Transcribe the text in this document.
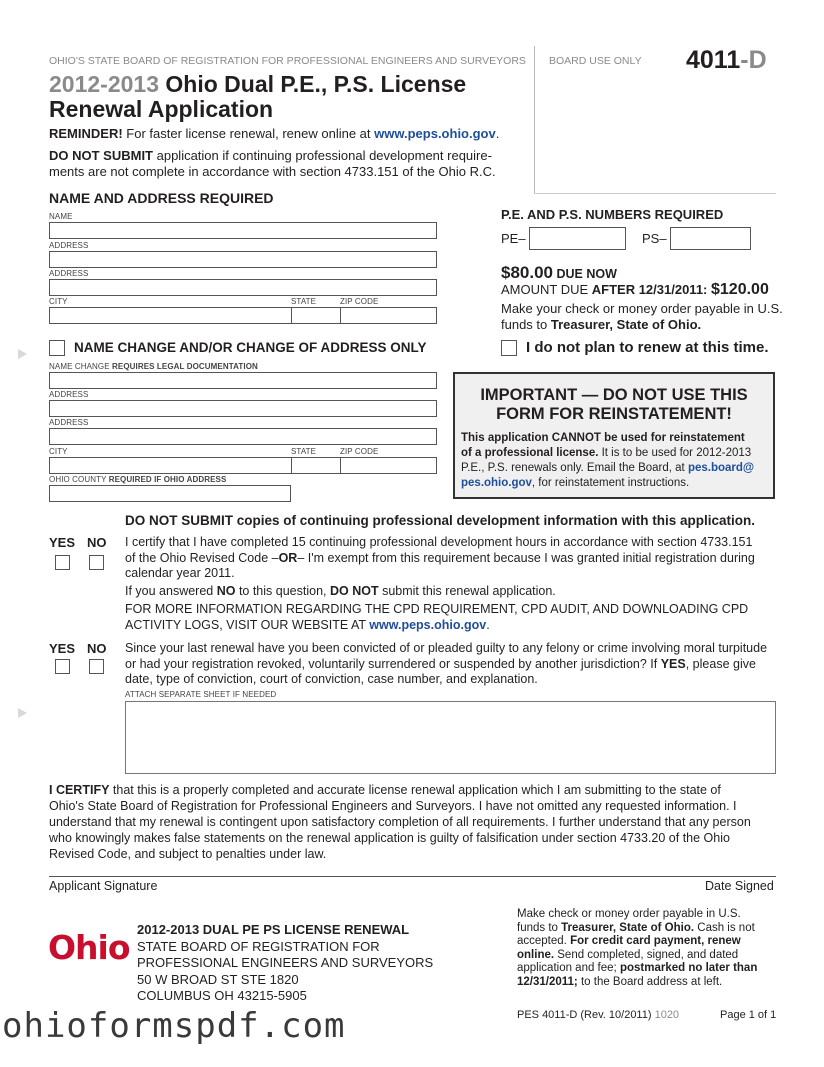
OHIO'S STATE BOARD OF REGISTRATION FOR PROFESSIONAL ENGINEERS AND SURVEYORS BOARD USE ONLY 4011-D
2012-2013 Ohio Dual P.E., P.S. License
Renewal Application
REMINDER! For faster license renewal, renew online at www.peps.ohio.gov.
DO NOT SUBMIT application if continuing professional development require-
ments are not complete in accordance with section 4733.151 of the Ohio R.C.
NAME AND ADDRESS REQUIRED
NAME
ADDRESS
ADDRESS
CITY	STATE	ZIP CODE
P.E. AND P.S. NUMBERS REQUIRED
PE–	PS–
$80.00 DUE NOW
AMOUNT DUE AFTER 12/31/2011: $120.00
Make your check or money order payable in U.S.
funds to Treasurer, State of Ohio.
NAME CHANGE AND/OR CHANGE OF ADDRESS ONLY
NAME CHANGE REQUIRES LEGAL DOCUMENTATION
ADDRESS
ADDRESS
CITY	STATE	ZIP CODE
OHIO COUNTY REQUIRED IF OHIO ADDRESS
I do not plan to renew at this time.
IMPORTANT — DO NOT USE THIS
FORM FOR REINSTATEMENT!
This application CANNOT be used for reinstatement
of a professional license. It is to be used for 2012-2013
P.E., P.S. renewals only. Email the Board, at pes.board@
pes.ohio.gov, for reinstatement instructions.
DO NOT SUBMIT copies of continuing professional development information with this application.
YES NO I certify that I have completed 15 continuing professional development hours in accordance with section 4733.151
of the Ohio Revised Code –OR– I'm exempt from this requirement because I was granted initial registration during
calendar year 2011.
If you answered NO to this question, DO NOT submit this renewal application.
FOR MORE INFORMATION REGARDING THE CPD REQUIREMENT, CPD AUDIT, AND DOWNLOADING CPD
ACTIVITY LOGS, VISIT OUR WEBSITE AT www.peps.ohio.gov.
YES NO Since your last renewal have you been convicted of or pleaded guilty to any felony or crime involving moral turpitude
or had your registration revoked, voluntarily surrendered or suspended by another jurisdiction? If YES, please give
date, type of conviction, court of conviction, case number, and explanation.
ATTACH SEPARATE SHEET IF NEEDED
I CERTIFY that this is a properly completed and accurate license renewal application which I am submitting to the state of
Ohio's State Board of Registration for Professional Engineers and Surveyors. I have not omitted any requested information. I
understand that my renewal is contingent upon satisfactory completion of all requirements. I further understand that any person
who knowingly makes false statements on the renewal application is guilty of falsification under section 4733.20 of the Ohio
Revised Code, and subject to penalties under law.
Applicant Signature	Date Signed
Ohio 2012-2013 DUAL PE PS LICENSE RENEWAL
STATE BOARD OF REGISTRATION FOR
PROFESSIONAL ENGINEERS AND SURVEYORS
50 W BROAD ST STE 1820
COLUMBUS OH 43215-5905
Make check or money order payable in U.S.
funds to Treasurer, State of Ohio. Cash is not
accepted. For credit card payment, renew
online. Send completed, signed, and dated
application and fee; postmarked no later than
12/31/2011; to the Board address at left.
PES 4011-D (Rev. 10/2011) 1020	Page 1 of 1
ohioformspdf.com
